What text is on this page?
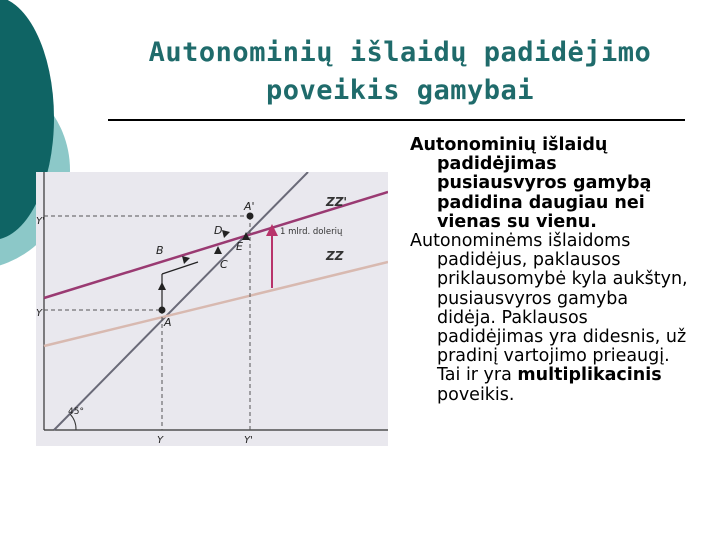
Autonominių išlaidų padidėjimo
poveikis gamybai
ZZ'
ZZ
A'
D
E
B
C
A
1 mlrd. dolerių
Y'
Y
Y	Y'
45°

Autonominių išlaidų padidėjimas pusiausvyros gamybą padidina daugiau nei vienas su vienu.

Autonominėms išlaidoms padidėjus, paklausos priklausomybė kyla aukštyn, pusiausvyros gamyba didėja. Paklausos padidėjimas yra didesnis, už pradinį vartojimo prieaugį. Tai ir yra multiplikacinis poveikis.
